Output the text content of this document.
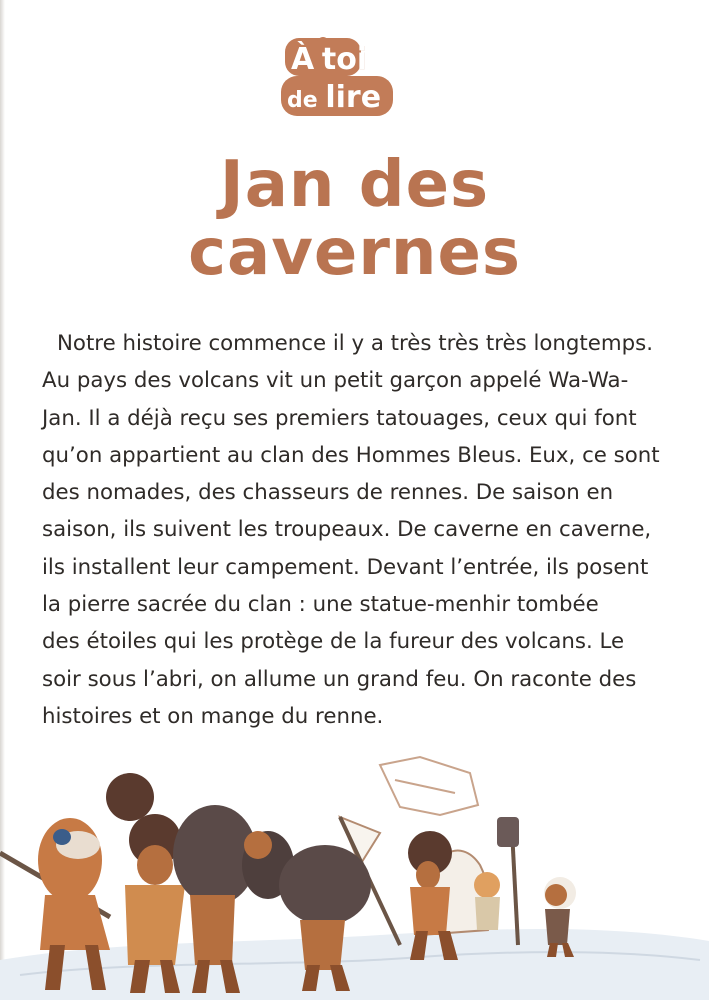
À toi
de lire
Jan des
cavernes
Notre histoire commence il y a très très très longtemps.
Au pays des volcans vit un petit garçon appelé Wa-Wa-
Jan. Il a déjà reçu ses premiers tatouages, ceux qui font
qu’on appartient au clan des Hommes Bleus. Eux, ce sont
des nomades, des chasseurs de rennes. De saison en
saison, ils suivent les troupeaux. De caverne en caverne,
ils installent leur campement. Devant l’entrée, ils posent
la pierre sacrée du clan : une statue-menhir tombée
des étoiles qui les protège de la fureur des volcans. Le
soir sous l’abri, on allume un grand feu. On raconte des
histoires et on mange du renne.
